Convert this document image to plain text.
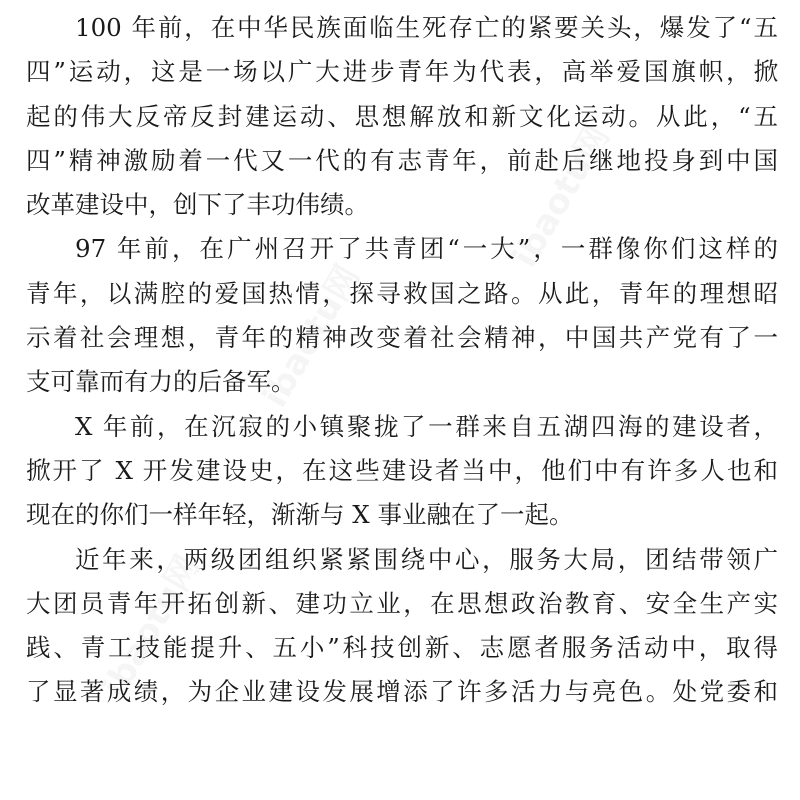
ibaotu网
ibaotu网
ibaotu网
100 年前，在中华民族面临生死存亡的紧要关头，爆发了“五
四”运动，这是一场以广大进步青年为代表，高举爱国旗帜，掀
起的伟大反帝反封建运动、思想解放和新文化运动。从此，“五
四”精神激励着一代又一代的有志青年，前赴后继地投身到中国
改革建设中，创下了丰功伟绩。
97 年前，在广州召开了共青团“一大”，一群像你们这样的
青年，以满腔的爱国热情，探寻救国之路。从此，青年的理想昭
示着社会理想，青年的精神改变着社会精神，中国共产党有了一
支可靠而有力的后备军。
X 年前，在沉寂的小镇聚拢了一群来自五湖四海的建设者，
掀开了 X 开发建设史，在这些建设者当中，他们中有许多人也和
现在的你们一样年轻，渐渐与 X 事业融在了一起。
近年来，两级团组织紧紧围绕中心，服务大局，团结带领广
大团员青年开拓创新、建功立业，在思想政治教育、安全生产实
践、青工技能提升、五小”科技创新、志愿者服务活动中，取得
了显著成绩，为企业建设发展增添了许多活力与亮色。处党委和
